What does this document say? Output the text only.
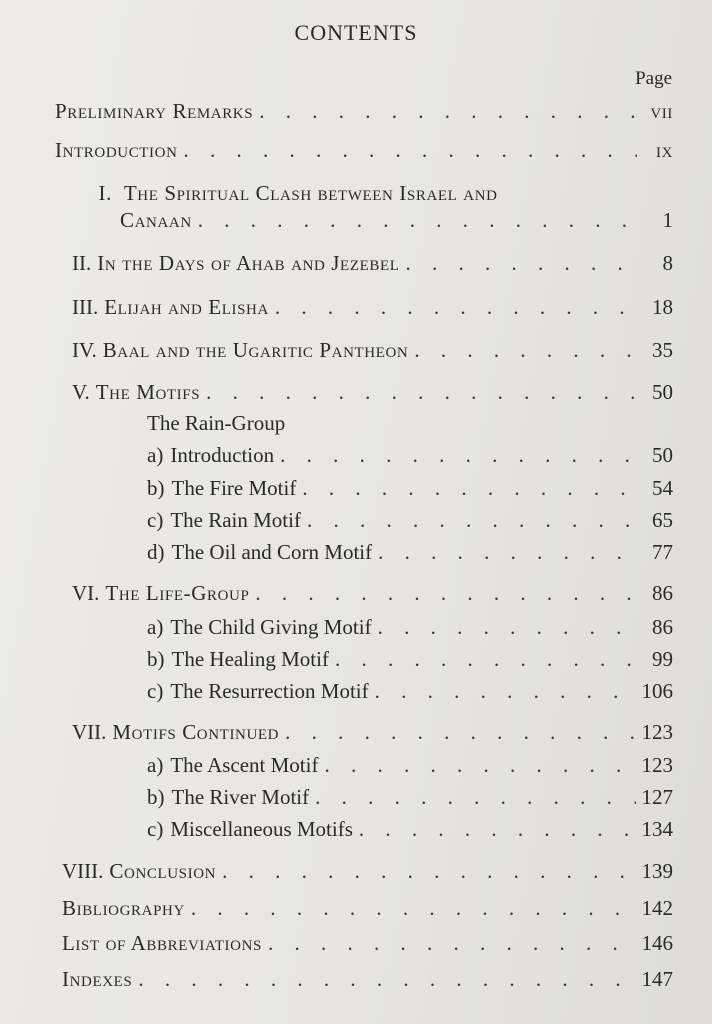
CONTENTS
Page
Preliminary Remarks . . .	vii
Introduction . . .	ix
I. The Spiritual Clash between Israel and
Canaan . . .	1
II. In the Days of Ahab and Jezebel . . .	8
III. Elijah and Elisha . . .	18
IV. Baal and the Ugaritic Pantheon . . .	35
V. The Motifs . . .	50
The Rain-Group
a) Introduction . . .	50
b) The Fire Motif . . .	54
c) The Rain Motif . . .	65
d) The Oil and Corn Motif . . .	77
VI. The Life-Group . . .	86
a) The Child Giving Motif . . .	86
b) The Healing Motif . . .	99
c) The Resurrection Motif . . .	106
VII. Motifs Continued . . .	123
a) The Ascent Motif . . .	123
b) The River Motif . . .	127
c) Miscellaneous Motifs . . .	134
VIII. Conclusion . . .	139
Bibliography . . .	142
List of Abbreviations . . .	146
Indexes . . .	147
